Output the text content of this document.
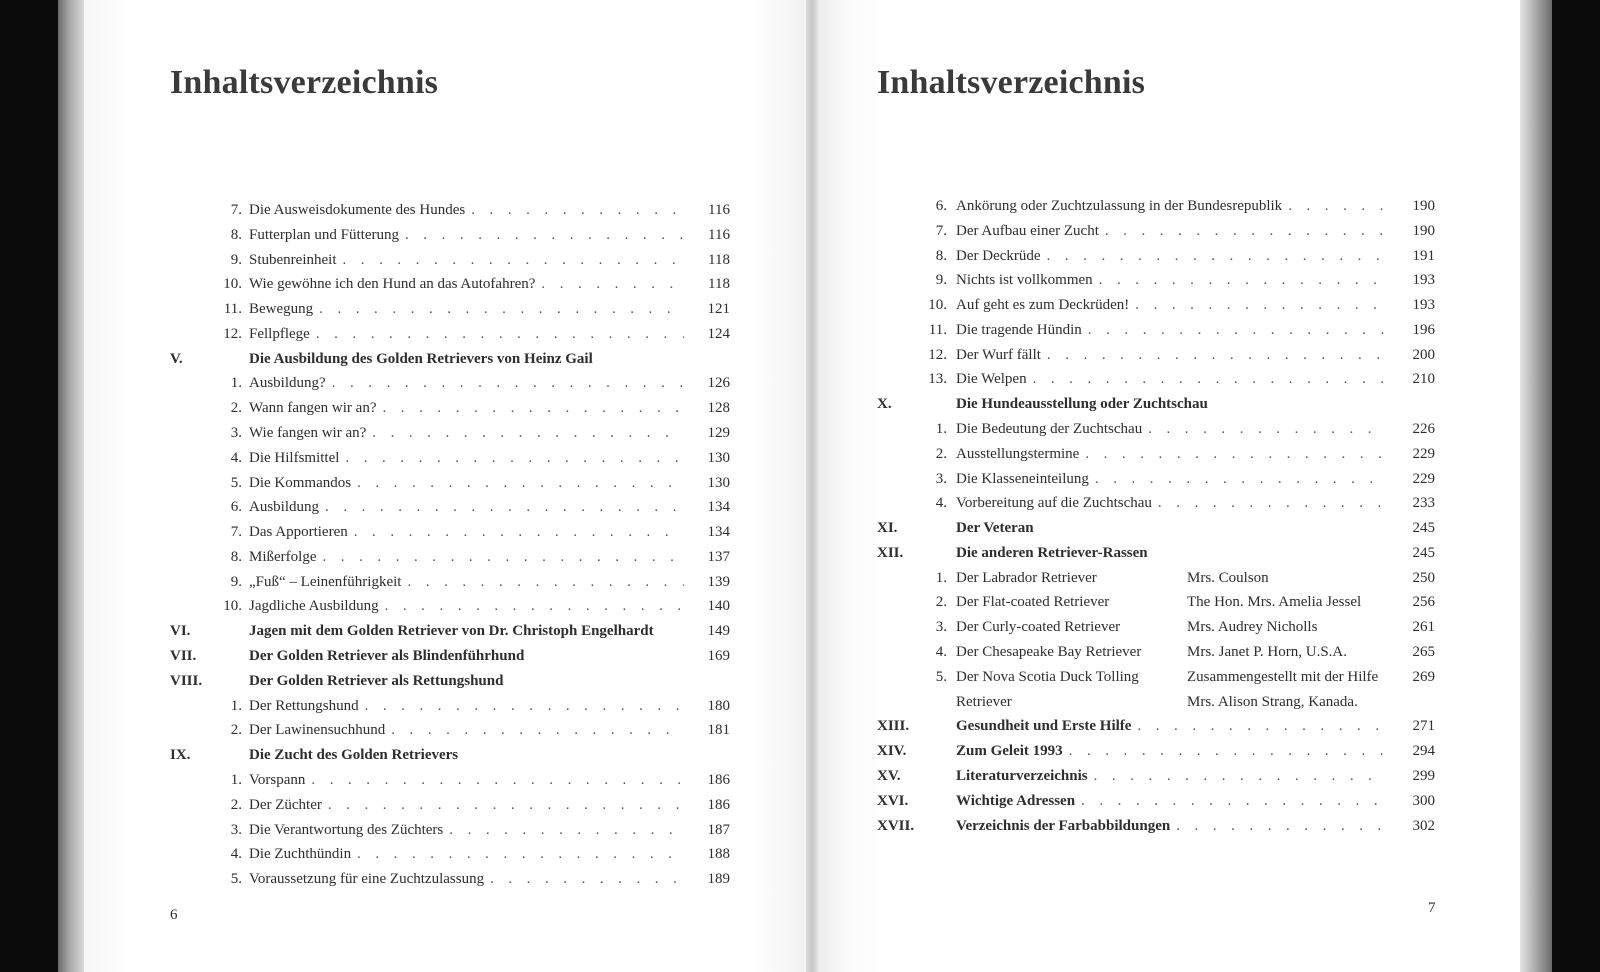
Inhaltsverzeichnis	Inhaltsverzeichnis
7. Die Ausweisdokumente des Hundes . . .	116
8. Futterplan und Fütterung . . .	116
9. Stubenreinheit . . .	118
10. Wie gewöhne ich den Hund an das Autofahren? . . .	118
11. Bewegung . . .	121
12. Fellpflege . . .	124
V.	Die Ausbildung des Golden Retrievers von Heinz Gail
1. Ausbildung? . . .	126
2. Wann fangen wir an? . . .	128
3. Wie fangen wir an? . . .	129
4. Die Hilfsmittel . . .	130
5. Die Kommandos . . .	130
6. Ausbildung . . .	134
7. Das Apportieren . . .	134
8. Mißerfolge . . .	137
9. „Fuß“ – Leinenführigkeit . . .	139
10. Jagdliche Ausbildung . . .	140
VI.	Jagen mit dem Golden Retriever von Dr. Christoph Engelhardt	149
VII.	Der Golden Retriever als Blindenführhund	169
VIII.	Der Golden Retriever als Rettungshund
1. Der Rettungshund . . .	180
2. Der Lawinensuchhund . . .	181
IX.	Die Zucht des Golden Retrievers
1. Vorspann . . .	186
2. Der Züchter . . .	186
3. Die Verantwortung des Züchters . . .	187
4. Die Zuchthündin . . .	188
5. Voraussetzung für eine Zuchtzulassung . . .	189
6. Ankörung oder Zuchtzulassung in der Bundesrepublik . . .	190
7. Der Aufbau einer Zucht . . .	190
8. Der Deckrüde . . .	191
9. Nichts ist vollkommen . . .	193
10. Auf geht es zum Deckrüden! . . .	193
11. Die tragende Hündin . . .	196
12. Der Wurf fällt . . .	200
13. Die Welpen . . .	210
X.	Die Hundeausstellung oder Zuchtschau
1. Die Bedeutung der Zuchtschau . . .	226
2. Ausstellungstermine . . .	229
3. Die Klasseneinteilung . . .	229
4. Vorbereitung auf die Zuchtschau . . .	233
XI.	Der Veteran	245
XII.	Die anderen Retriever-Rassen	245
1. Der Labrador Retriever	Mrs. Coulson	250
2. Der Flat-coated Retriever	The Hon. Mrs. Amelia Jessel	256
3. Der Curly-coated Retriever	Mrs. Audrey Nicholls	261
4. Der Chesapeake Bay Retriever	Mrs. Janet P. Horn, U.S.A.	265
5. Der Nova Scotia Duck Tolling	Zusammengestellt mit der Hilfe	269
Retriever	Mrs. Alison Strang, Kanada.
XIII.	Gesundheit und Erste Hilfe . . .	271
XIV.	Zum Geleit 1993 . . .	294
XV.	Literaturverzeichnis . . .	299
XVI.	Wichtige Adressen . . .	300
XVII.	Verzeichnis der Farbabbildungen . . .	302
6	7
